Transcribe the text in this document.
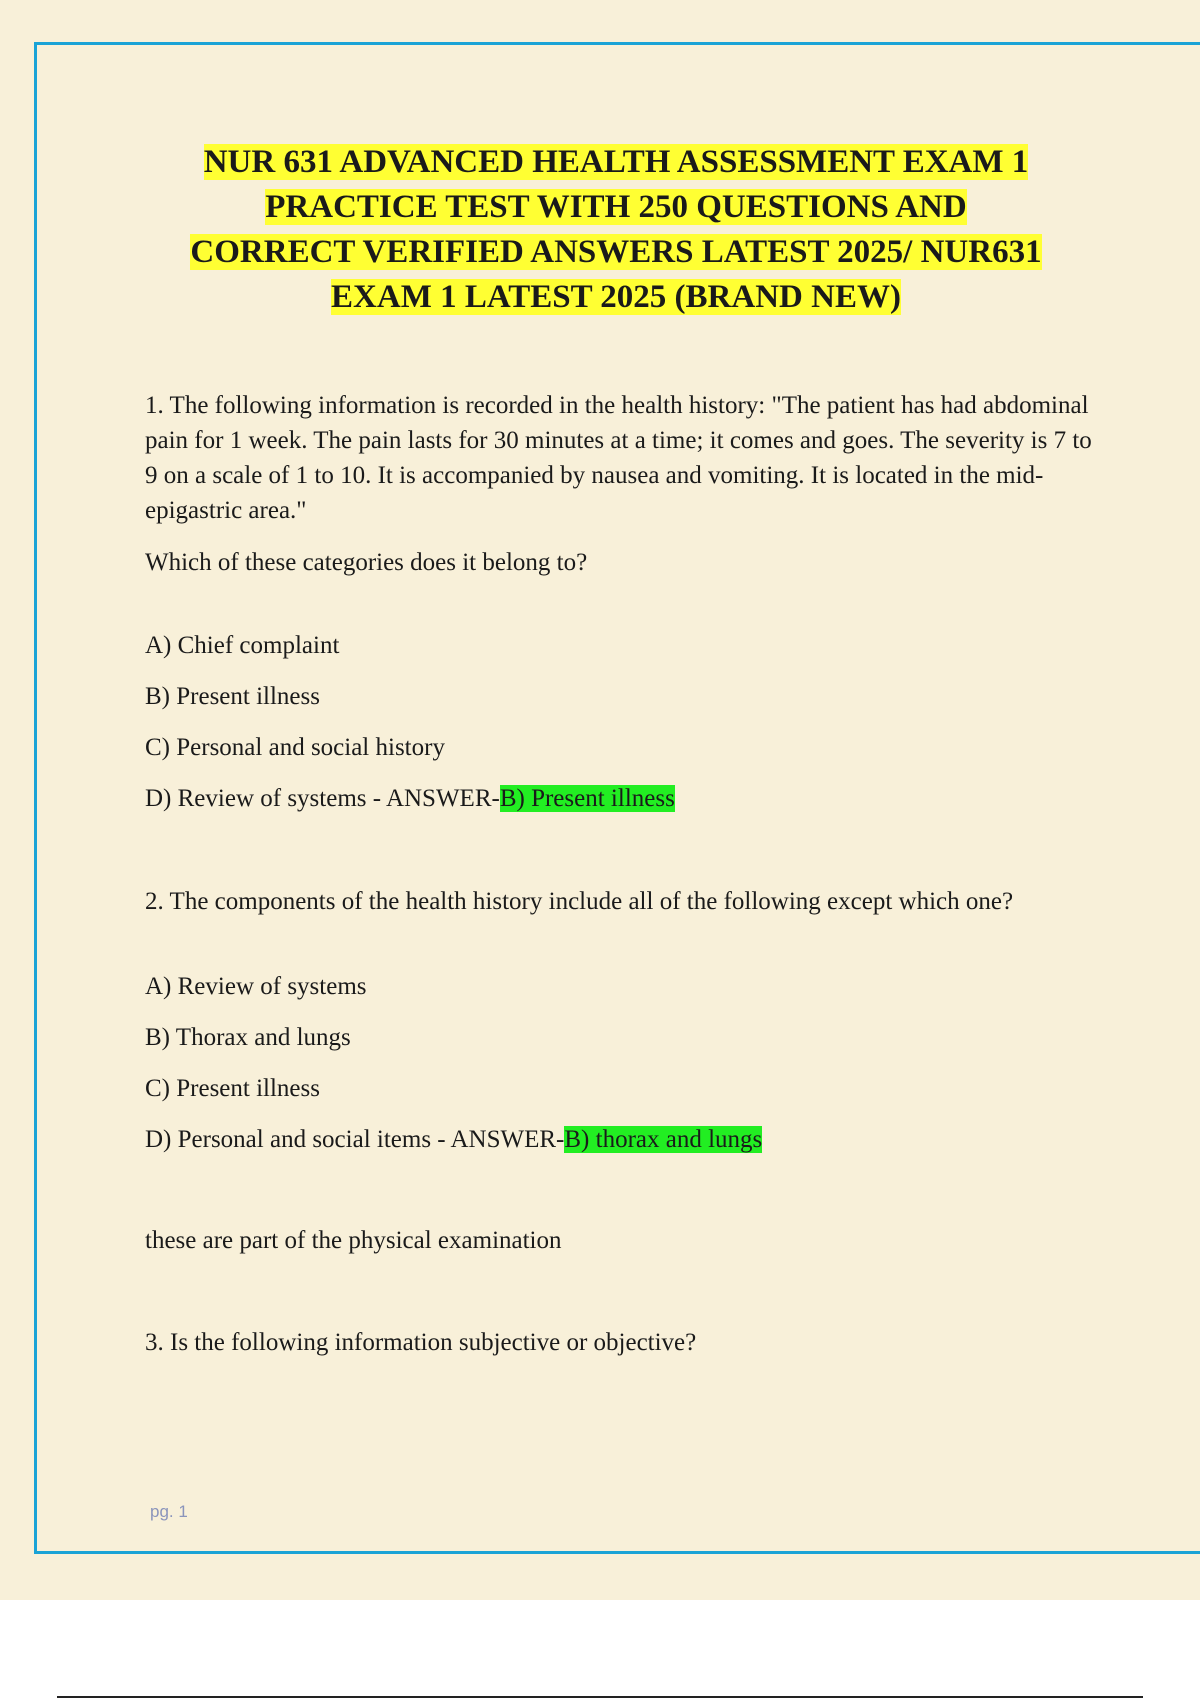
NUR 631 ADVANCED HEALTH ASSESSMENT EXAM 1
PRACTICE TEST WITH 250 QUESTIONS AND
CORRECT VERIFIED ANSWERS LATEST 2025/ NUR631
EXAM 1 LATEST 2025 (BRAND NEW)

1. The following information is recorded in the health history: "The patient has had abdominal pain for 1 week. The pain lasts for 30 minutes at a time; it comes and goes. The severity is 7 to 9 on a scale of 1 to 10. It is accompanied by nausea and vomiting. It is located in the mid-epigastric area."

Which of these categories does it belong to?

A) Chief complaint

B) Present illness

C) Personal and social history

D) Review of systems - ANSWER-B) Present illness

2. The components of the health history include all of the following except which one?

A) Review of systems

B) Thorax and lungs

C) Present illness

D) Personal and social items - ANSWER-B) thorax and lungs

these are part of the physical examination

3. Is the following information subjective or objective?

pg. 1
